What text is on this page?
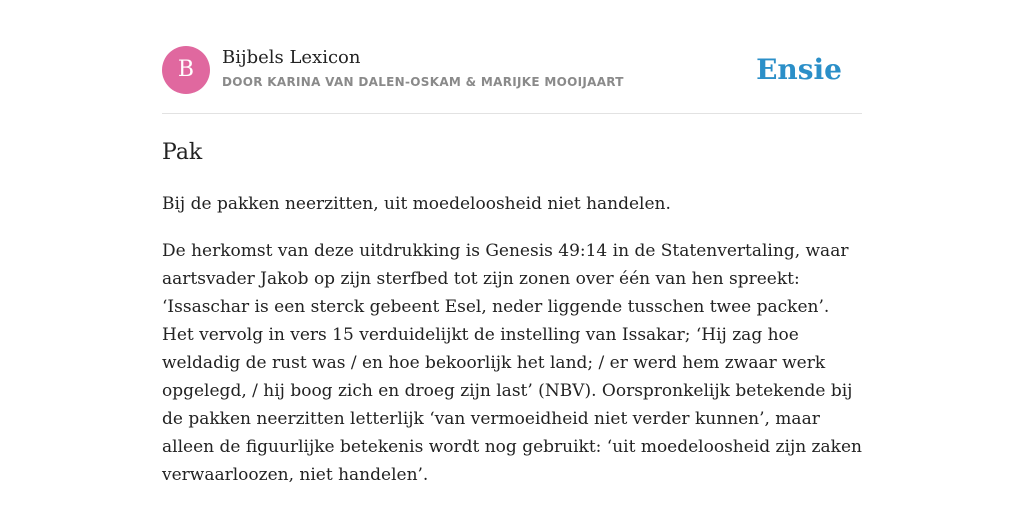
B	Bijbels Lexicon
DOOR KARINA VAN DALEN-OSKAM & MARIJKE MOOIJAART	Ensie
Pak

Bij de pakken neerzitten, uit moedeloosheid niet handelen.

De herkomst van deze uitdrukking is Genesis 49:14 in de Statenvertaling, waar aartsvader Jakob op zijn sterfbed tot zijn zonen over één van hen spreekt: ‘Issaschar is een sterck gebeent Esel, neder liggende tusschen twee packen’. Het vervolg in vers 15 verduidelijkt de instelling van Issakar; ‘Hij zag hoe weldadig de rust was / en hoe bekoorlijk het land; / er werd hem zwaar werk opgelegd, / hij boog zich en droeg zijn last’ (NBV). Oorspronkelijk betekende bij de pakken neerzitten letterlijk ‘van vermoeidheid niet verder kunnen’, maar alleen de figuurlijke betekenis wordt nog gebruikt: ‘uit moedeloosheid zijn zaken verwaarloozen, niet handelen’.
